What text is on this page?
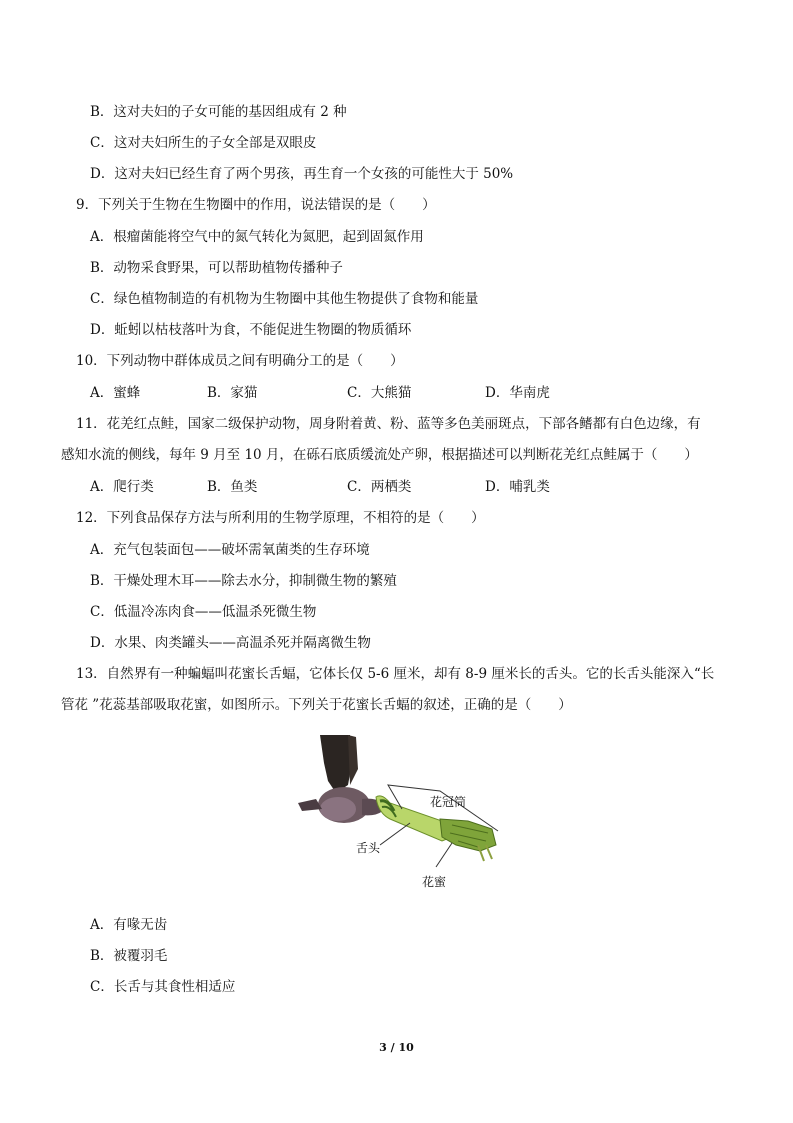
B．这对夫妇的子女可能的基因组成有 2 种
C．这对夫妇所生的子女全部是双眼皮
D．这对夫妇已经生育了两个男孩，再生育一个女孩的可能性大于 50%
9．下列关于生物在生物圈中的作用，说法错误的是（　　）
A．根瘤菌能将空气中的氮气转化为氮肥，起到固氮作用
B．动物采食野果，可以帮助植物传播种子
C．绿色植物制造的有机物为生物圈中其他生物提供了食物和能量
D．蚯蚓以枯枝落叶为食，不能促进生物圈的物质循环
10．下列动物中群体成员之间有明确分工的是（　　）
A．蜜蜂	B．家猫	C．大熊猫	D．华南虎
11．花羌红点鲑，国家二级保护动物，周身附着黄、粉、蓝等多色美丽斑点，下部各鳍都有白色边缘，有
感知水流的侧线，每年 9 月至 10 月，在砾石底质缓流处产卵，根据描述可以判断花羌红点鲑属于（　　）
A．爬行类	B．鱼类	C．两栖类	D．哺乳类
12．下列食品保存方法与所利用的生物学原理，不相符的是（　　）
A．充气包装面包——破坏需氧菌类的生存环境
B．干燥处理木耳——除去水分，抑制微生物的繁殖
C．低温冷冻肉食——低温杀死微生物
D．水果、肉类罐头——高温杀死并隔离微生物
13．自然界有一种蝙蝠叫花蜜长舌蝠，它体长仅 5-6 厘米，却有 8-9 厘米长的舌头。它的长舌头能深入“长
管花 ”花蕊基部吸取花蜜，如图所示。下列关于花蜜长舌蝠的叙述，正确的是（　　）
花冠筒
舌头
花蜜
A．有喙无齿
B．被覆羽毛
C．长舌与其食性相适应
3 / 10
